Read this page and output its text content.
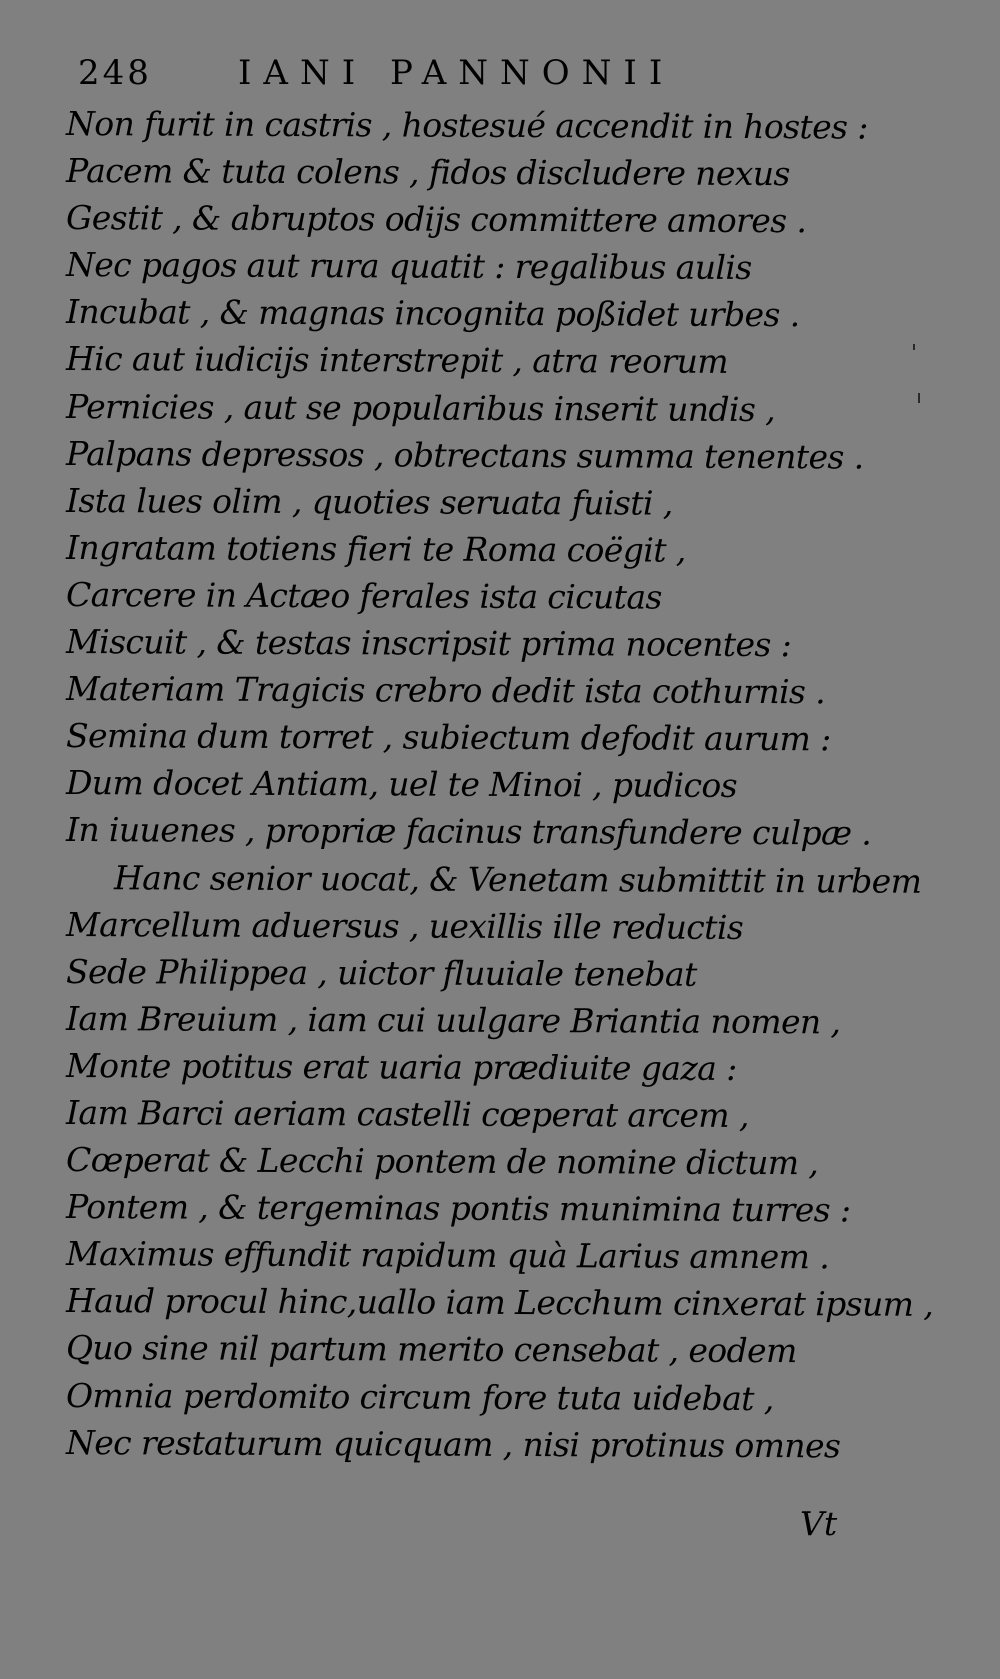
248	IANI PANNONII
Non furit in castris , hostesué accendit in hostes :
Pacem & tuta colens , fidos discludere nexus
Gestit , & abruptos odijs committere amores .
Nec pagos aut rura quatit : regalibus aulis
Incubat , & magnas incognita poßidet urbes .
Hic aut iudicijs interstrepit , atra reorum
Pernicies , aut se popularibus inserit undis ,
Palpans depressos , obtrectans summa tenentes .
Ista lues olim , quoties seruata fuisti ,
Ingratam totiens fieri te Roma coëgit ,
Carcere in Actæo ferales ista cicutas
Miscuit , & testas inscripsit prima nocentes :
Materiam Tragicis crebro dedit ista cothurnis .
Semina dum torret , subiectum defodit aurum :
Dum docet Antiam, uel te Minoi , pudicos
In iuuenes , propriæ facinus transfundere culpæ .
Hanc senior uocat, & Venetam submittit in urbem
Marcellum aduersus , uexillis ille reductis
Sede Philippea , uictor fluuiale tenebat
Iam Breuium , iam cui uulgare Briantia nomen ,
Monte potitus erat uaria prædiuite gaza :
Iam Barci aeriam castelli cœperat arcem ,
Cœperat & Lecchi pontem de nomine dictum ,
Pontem , & tergeminas pontis munimina turres :
Maximus effundit rapidum quà Larius amnem .
Haud procul hinc,uallo iam Lecchum cinxerat ipsum ,
Quo sine nil partum merito censebat , eodem
Omnia perdomito circum fore tuta uidebat ,
Nec restaturum quicquam , nisi protinus omnes
Vt
